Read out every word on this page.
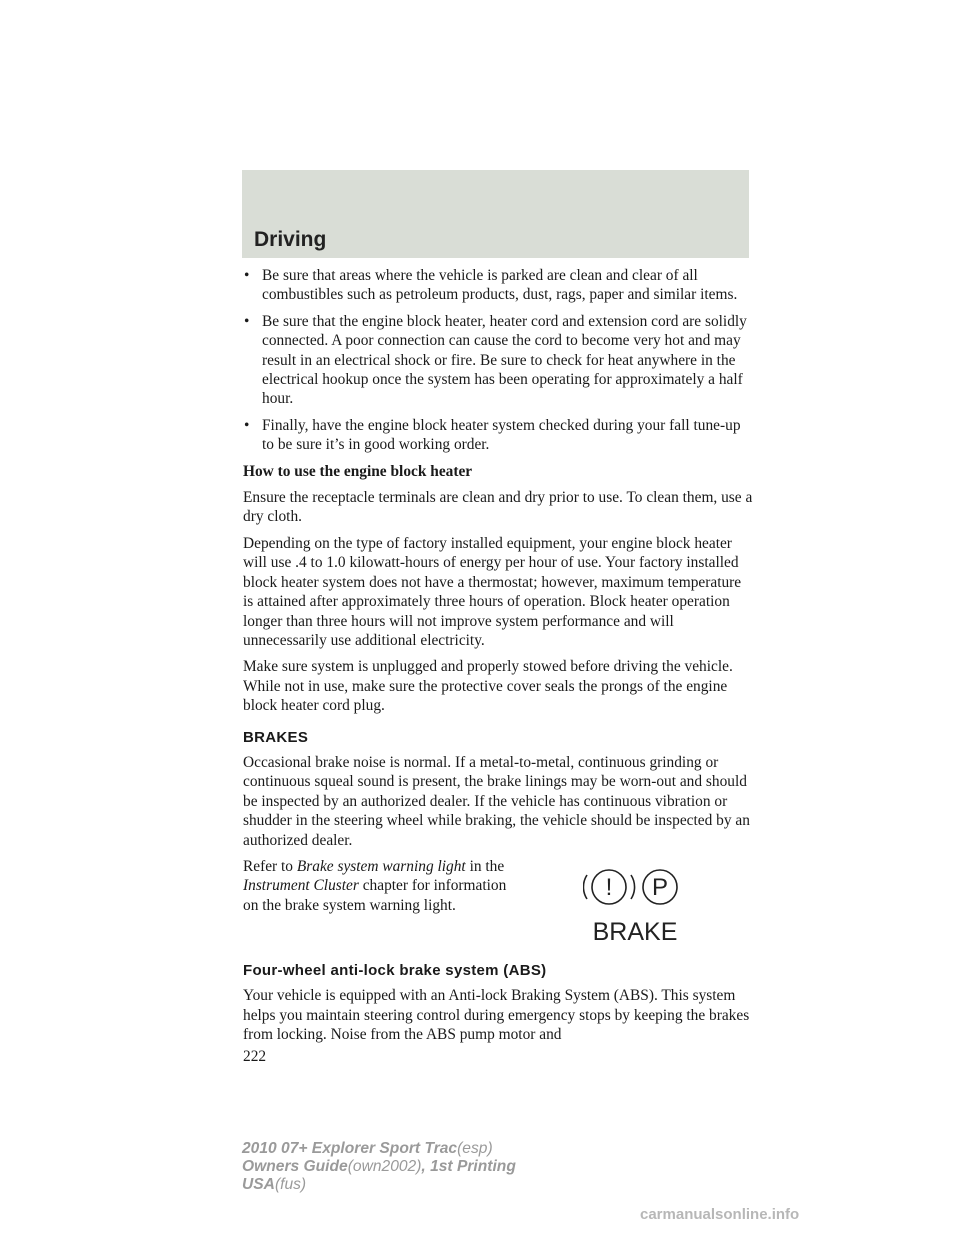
Driving
• Be sure that areas where the vehicle is parked are clean and clear of all combustibles such as petroleum products, dust, rags, paper and similar items.
• Be sure that the engine block heater, heater cord and extension cord are solidly connected. A poor connection can cause the cord to become very hot and may result in an electrical shock or fire. Be sure to check for heat anywhere in the electrical hookup once the system has been operating for approximately a half hour.
• Finally, have the engine block heater system checked during your fall tune-up to be sure it’s in good working order.
How to use the engine block heater

Ensure the receptacle terminals are clean and dry prior to use. To clean them, use a dry cloth.

Depending on the type of factory installed equipment, your engine block heater will use .4 to 1.0 kilowatt-hours of energy per hour of use. Your factory installed block heater system does not have a thermostat; however, maximum temperature is attained after approximately three hours of operation. Block heater operation longer than three hours will not improve system performance and will unnecessarily use additional electricity.

Make sure system is unplugged and properly stowed before driving the vehicle. While not in use, make sure the protective cover seals the prongs of the engine block heater cord plug.

BRAKES

Occasional brake noise is normal. If a metal-to-metal, continuous grinding or continuous squeal sound is present, the brake linings may be worn-out and should be inspected by an authorized dealer. If the vehicle has continuous vibration or shudder in the steering wheel while braking, the vehicle should be inspected by an authorized dealer.

Refer to Brake system warning light in the Instrument Cluster chapter for information on the brake system warning light.
! P
BRAKE
Four-wheel anti-lock brake system (ABS)

Your vehicle is equipped with an Anti-lock Braking System (ABS). This system helps you maintain steering control during emergency stops by keeping the brakes from locking. Noise from the ABS pump motor and

222
2010 07+ Explorer Sport Trac(esp)
Owners Guide(own2002), 1st Printing
USA(fus)
carmanualsonline.info
